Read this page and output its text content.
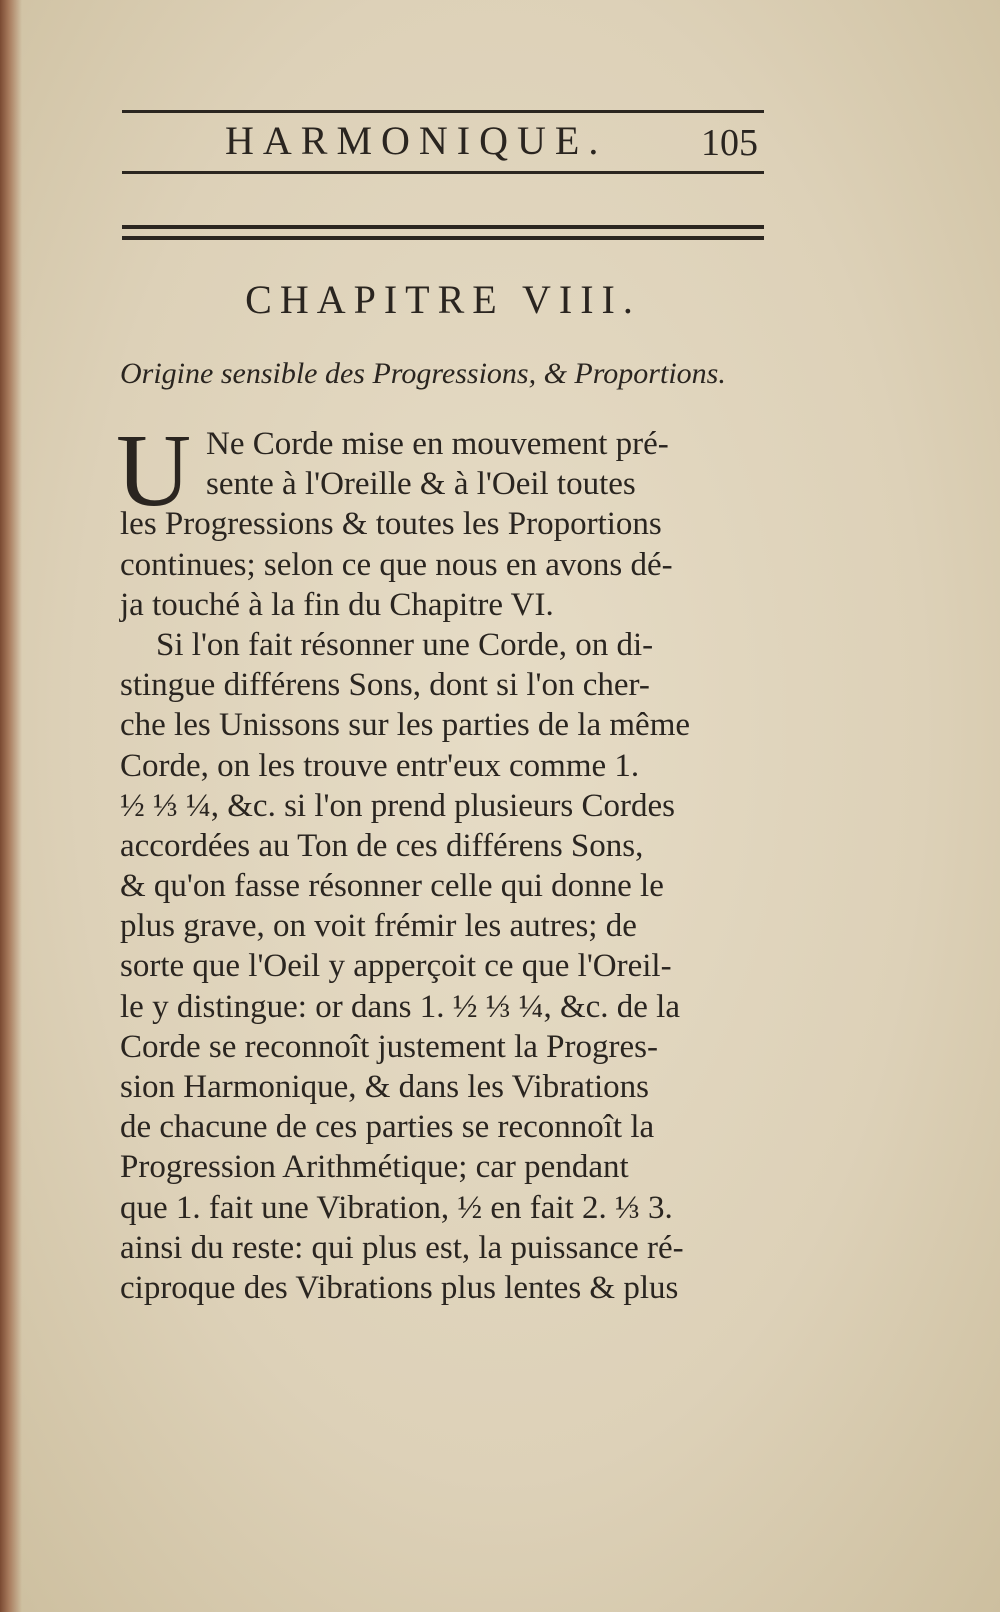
HARMONIQUE. 105
CHAPITRE VIII.
Origine sensible des Progressions, & Proportions.
U Ne Corde mise en mouvement pré-
sente à l'Oreille & à l'Oeil toutes
les Progressions & toutes les Proportions
continues; selon ce que nous en avons dé-
ja touché à la fin du Chapitre VI.
Si l'on fait résonner une Corde, on di-
stingue différens Sons, dont si l'on cher-
che les Unissons sur les parties de la même
Corde, on les trouve entr'eux comme 1.
½ ⅓ ¼, &c. si l'on prend plusieurs Cordes
accordées au Ton de ces différens Sons,
& qu'on fasse résonner celle qui donne le
plus grave, on voit frémir les autres; de
sorte que l'Oeil y apperçoit ce que l'Oreil-
le y distingue: or dans 1. ½ ⅓ ¼, &c. de la
Corde se reconnoît justement la Progres-
sion Harmonique, & dans les Vibrations
de chacune de ces parties se reconnoît la
Progression Arithmétique; car pendant
que 1. fait une Vibration, ½ en fait 2. ⅓ 3.
ainsi du reste: qui plus est, la puissance ré-
ciproque des Vibrations plus lentes & plus
